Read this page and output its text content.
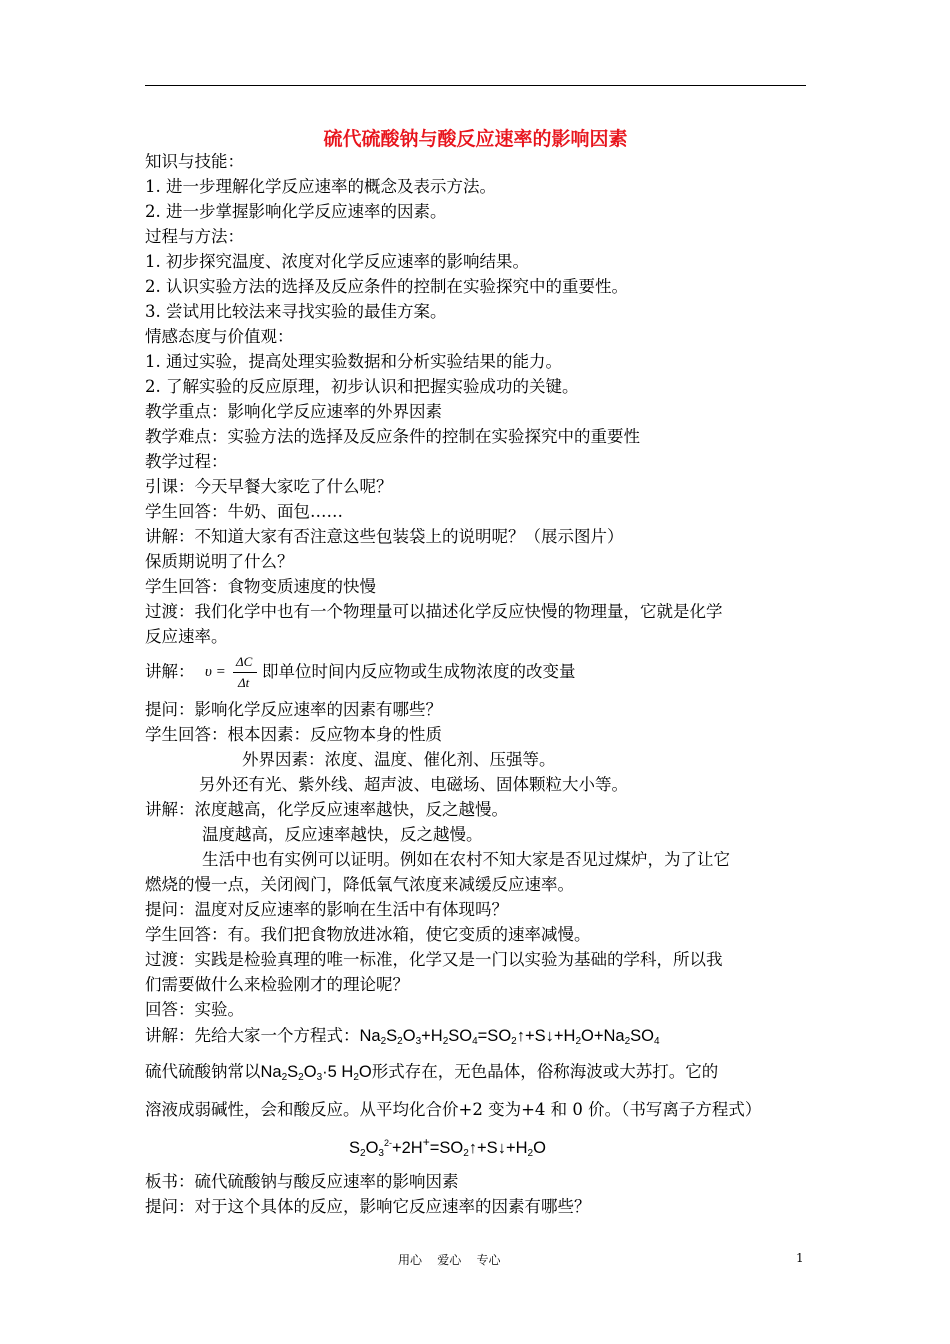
硫代硫酸钠与酸反应速率的影响因素
知识与技能：
1. 进一步理解化学反应速率的概念及表示方法。
2. 进一步掌握影响化学反应速率的因素。
过程与方法：
1. 初步探究温度、浓度对化学反应速率的影响结果。
2. 认识实验方法的选择及反应条件的控制在实验探究中的重要性。
3. 尝试用比较法来寻找实验的最佳方案。
情感态度与价值观：
1. 通过实验，提高处理实验数据和分析实验结果的能力。
2. 了解实验的反应原理，初步认识和把握实验成功的关键。
教学重点：影响化学反应速率的外界因素
教学难点：实验方法的选择及反应条件的控制在实验探究中的重要性
教学过程：
引课：今天早餐大家吃了什么呢？
学生回答：牛奶、面包……
讲解：不知道大家有否注意这些包装袋上的说明呢？（展示图片）
保质期说明了什么？
学生回答：食物变质速度的快慢
过渡：我们化学中也有一个物理量可以描述化学反应快慢的物理量，它就是化学
反应速率。
讲解： υ =
ΔC
Δt
即单位时间内反应物或生成物浓度的改变量
提问：影响化学反应速率的因素有哪些？
学生回答：根本因素：反应物本身的性质
外界因素：浓度、温度、催化剂、压强等。
另外还有光、紫外线、超声波、电磁场、固体颗粒大小等。
讲解：浓度越高，化学反应速率越快，反之越慢。
温度越高，反应速率越快，反之越慢。
生活中也有实例可以证明。例如在农村不知大家是否见过煤炉，为了让它
燃烧的慢一点，关闭阀门，降低氧气浓度来减缓反应速率。
提问：温度对反应速率的影响在生活中有体现吗？
学生回答：有。我们把食物放进冰箱，使它变质的速率减慢。
过渡：实践是检验真理的唯一标准，化学又是一门以实验为基础的学科，所以我
们需要做什么来检验刚才的理论呢？
回答：实验。
讲解：先给大家一个方程式：$Na_2S_2O_3+H_2SO_4=SO_2↑+S↓+H_2O+Na_2SO_4$
硫代硫酸钠常以$Na_2S_2O_3\cdot 5$ $H_2O$形式存在，无色晶体，俗称海波或大苏打。它的
溶液成弱碱性，会和酸反应。从平均化合价+2 变为+4 和 0 价。（书写离子方程式）
$S_2O_3^{2-}+2H^+=SO_2↑+S↓+H_2O$
板书：硫代硫酸钠与酸反应速率的影响因素
提问：对于这个具体的反应，影响它反应速率的因素有哪些？
用心    爱心    专心	1
